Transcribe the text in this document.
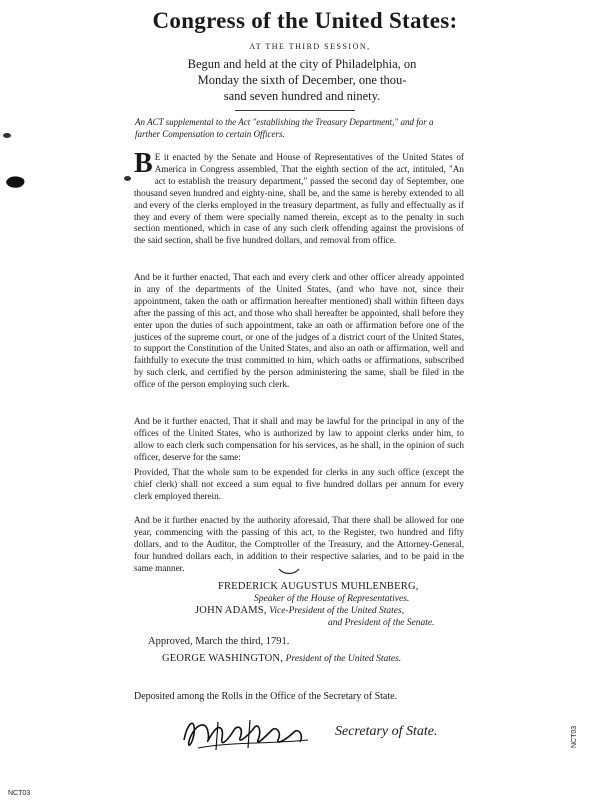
Congress of the United States:
AT THE THIRD SESSION,
Begun and held at the city of Philadelphia, on
Monday the sixth of December, one thou-
sand seven hundred and ninety.
An ACT supplemental to the Act "establishing the Treasury Department," and for a farther Compensation to certain Officers.
B E it enacted by the Senate and House of Representatives of the United States of America in Congress assembled, That the eighth section of the act, intituled, "An act to establish the treasury department," passed the second day of September, one thousand seven hundred and eighty-nine, shall be, and the same is hereby extended to all and every of the clerks employed in the treasury department, as fully and effectually as if they and every of them were specially named therein, except as to the penalty in such section mentioned, which in case of any such clerk offending against the provisions of the said section, shall be five hundred dollars, and removal from office.
And be it further enacted, That each and every clerk and other officer already appointed in any of the departments of the United States, (and who have not, since their appointment, taken the oath or affirmation hereafter mentioned) shall within fifteen days after the passing of this act, and those who shall hereafter be appointed, shall before they enter upon the duties of such appointment, take an oath or affirmation before one of the justices of the supreme court, or one of the judges of a district court of the United States, to support the Constitution of the United States, and also an oath or affirmation, well and faithfully to execute the trust committed to him, which oaths or affirmations, subscribed by such clerk, and certified by the person administering the same, shall be filed in the office of the person employing such clerk.
And be it further enacted, That it shall and may be lawful for the principal in any of the offices of the United States, who is authorized by law to appoint clerks under him, to allow to each clerk such compensation for his services, as he shall, in the opinion of such officer, deserve for the same:
Provided, That the whole sum to be expended for clerks in any such office (except the chief clerk) shall not exceed a sum equal to five hundred dollars per annum for every clerk employed therein.
And be it further enacted by the authority aforesaid, That there shall be allowed for one year, commencing with the passing of this act, to the Register, two hundred and fifty dollars, and to the Auditor, the Comptroller of the Treasury, and the Attorney-General, four hundred dollars each, in addition to their respective salaries, and to be paid in the same manner.
FREDERICK AUGUSTUS MUHLENBERG,
Speaker of the House of Representatives.
JOHN ADAMS, Vice-President of the United States,
and President of the Senate.
Approved, March the third, 1791.
GEORGE WASHINGTON, President of the United States.
Deposited among the Rolls in the Office of the Secretary of State.
Secretary of State.
NCT03
NCT03
